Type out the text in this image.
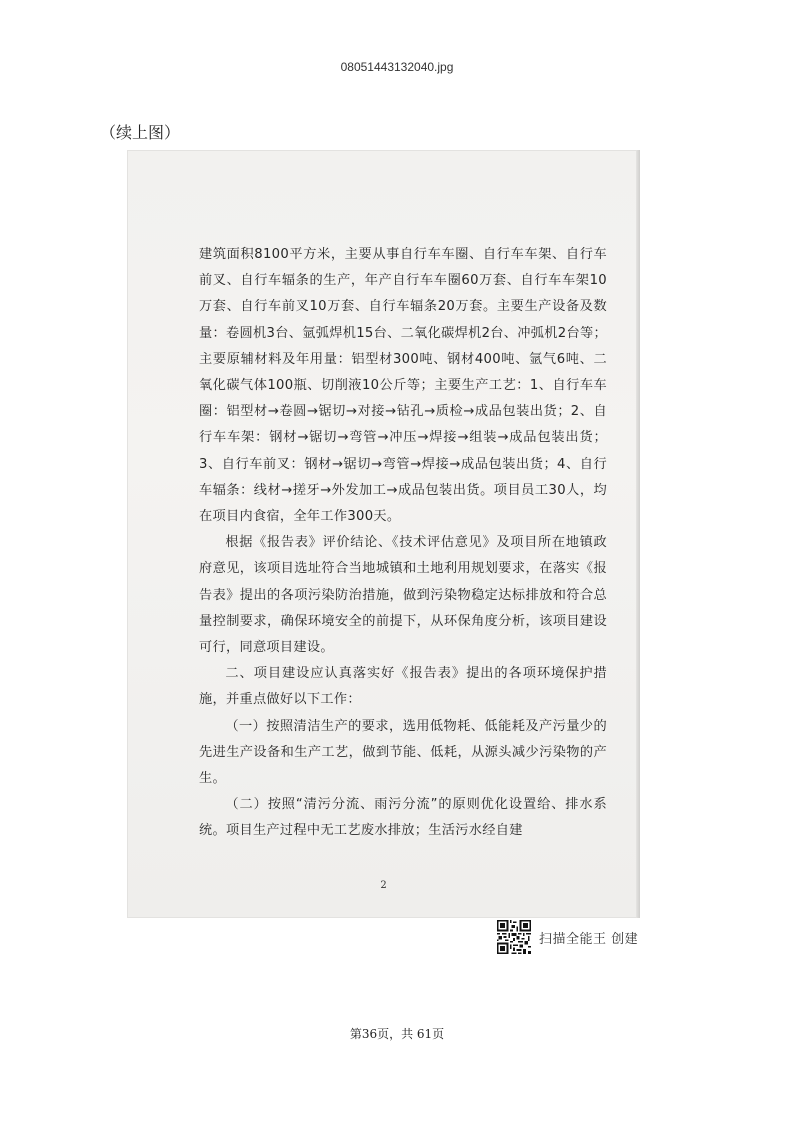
08051443132040.jpg
（续上图）

建筑面积8100平方米，主要从事自行车车圈、自行车车架、自行车前叉、自行车辐条的生产，年产自行车车圈60万套、自行车车架10万套、自行车前叉10万套、自行车辐条20万套。主要生产设备及数量：卷圆机3台、氩弧焊机15台、二氧化碳焊机2台、冲弧机2台等；主要原辅材料及年用量：铝型材300吨、钢材400吨、氩气6吨、二氧化碳气体100瓶、切削液10公斤等；主要生产工艺：1、自行车车圈：铝型材→卷圆→锯切→对接→钻孔→质检→成品包装出货；2、自行车车架：钢材→锯切→弯管→冲压→焊接→组装→成品包装出货；3、自行车前叉：钢材→锯切→弯管→焊接→成品包装出货；4、自行车辐条：线材→搓牙→外发加工→成品包装出货。项目员工30人，均在项目内食宿，全年工作300天。

根据《报告表》评价结论、《技术评估意见》及项目所在地镇政府意见，该项目选址符合当地城镇和土地利用规划要求，在落实《报告表》提出的各项污染防治措施，做到污染物稳定达标排放和符合总量控制要求，确保环境安全的前提下，从环保角度分析，该项目建设可行，同意项目建设。

二、项目建设应认真落实好《报告表》提出的各项环境保护措施，并重点做好以下工作：

（一）按照清洁生产的要求，选用低物耗、低能耗及产污量少的先进生产设备和生产工艺，做到节能、低耗，从源头减少污染物的产生。

（二）按照“清污分流、雨污分流”的原则优化设置给、排水系统。项目生产过程中无工艺废水排放；生活污水经自建

2
扫描全能王 创建
第36页，共 61页
